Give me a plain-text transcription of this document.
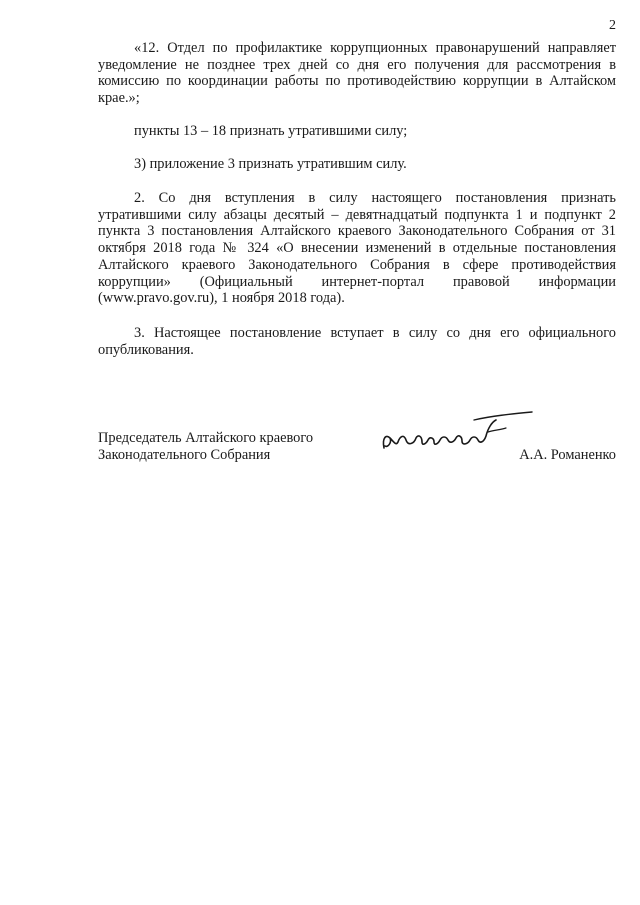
2

«12. Отдел по профилактике коррупционных правонарушений направляет уведомление не позднее трех дней со дня его получения для рассмотрения в комиссию по координации работы по противодействию коррупции в Алтайском крае.»;

пункты 13 – 18 признать утратившими силу;

3) приложение 3 признать утратившим силу.

2. Со дня вступления в силу настоящего постановления признать утратившими силу абзацы десятый – девятнадцатый подпункта 1 и подпункт 2 пункта 3 постановления Алтайского краевого Законодательного Собрания от 31 октября 2018 года № 324 «О внесении изменений в отдельные постановления Алтайского краевого Законодательного Собрания в сфере противодействия коррупции» (Официальный интернет-портал правовой информации (www.pravo.gov.ru), 1 ноября 2018 года).

3. Настоящее постановление вступает в силу со дня его официального опубликования.

Председатель Алтайского краевого
Законодательного Собрания	А.А. Романенко
